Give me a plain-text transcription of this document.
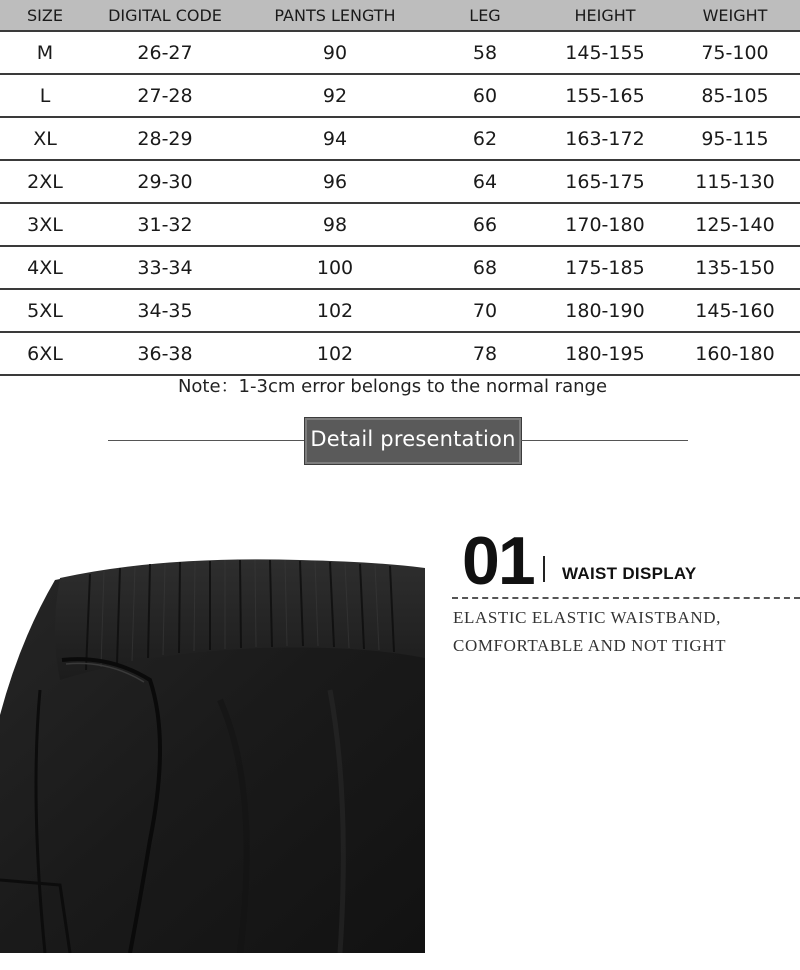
SIZE	DIGITAL CODE	PANTS LENGTH	LEG	HEIGHT	WEIGHT
M	26-27	90	58	145-155	75-100
L	27-28	92	60	155-165	85-105
XL	28-29	94	62	163-172	95-115
2XL	29-30	96	64	165-175	115-130
3XL	31-32	98	66	170-180	125-140
4XL	33-34	100	68	175-185	135-150
5XL	34-35	102	70	180-190	145-160
6XL	36-38	102	78	180-195	160-180
Note：1-3cm error belongs to the normal range
Detail presentation
01 WAIST DISPLAY
ELASTIC ELASTIC WAISTBAND,
COMFORTABLE AND NOT TIGHT
